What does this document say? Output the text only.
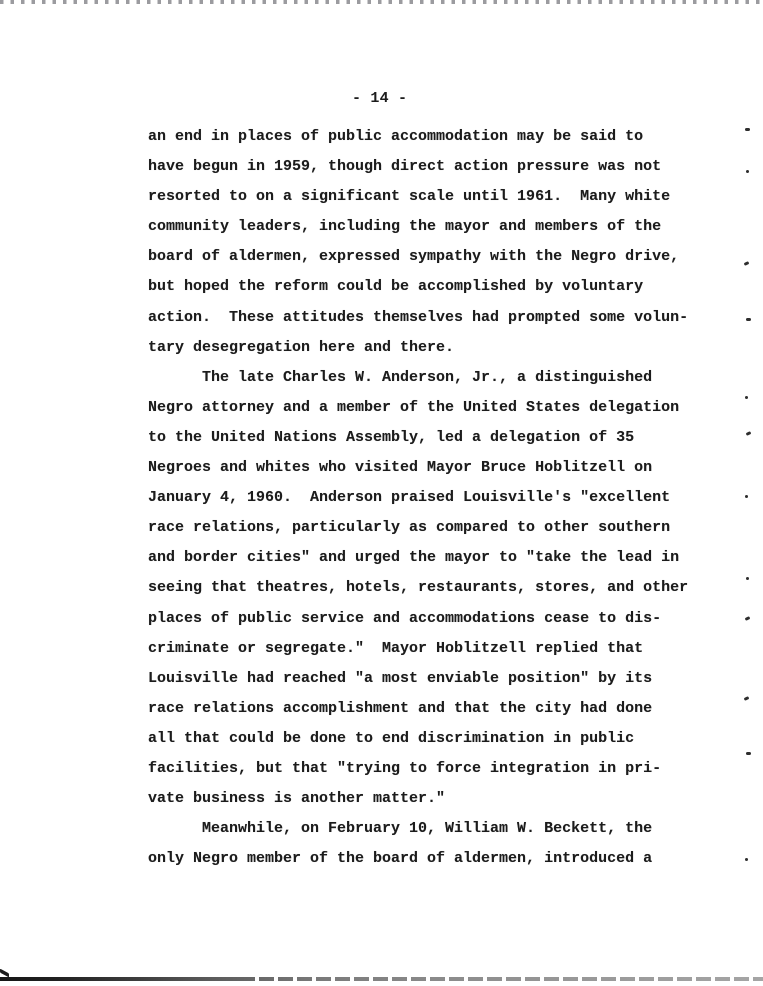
- 14 -
an end in places of public accommodation may be said to
have begun in 1959, though direct action pressure was not
resorted to on a significant scale until 1961.  Many white
community leaders, including the mayor and members of the
board of aldermen, expressed sympathy with the Negro drive,
but hoped the reform could be accomplished by voluntary
action.  These attitudes themselves had prompted some volun-
tary desegregation here and there.
The late Charles W. Anderson, Jr., a distinguished
Negro attorney and a member of the United States delegation
to the United Nations Assembly, led a delegation of 35
Negroes and whites who visited Mayor Bruce Hoblitzell on
January 4, 1960.  Anderson praised Louisville's "excellent
race relations, particularly as compared to other southern
and border cities" and urged the mayor to "take the lead in
seeing that theatres, hotels, restaurants, stores, and other
places of public service and accommodations cease to dis-
criminate or segregate."  Mayor Hoblitzell replied that
Louisville had reached "a most enviable position" by its
race relations accomplishment and that the city had done
all that could be done to end discrimination in public
facilities, but that "trying to force integration in pri-
vate business is another matter."
Meanwhile, on February 10, William W. Beckett, the
only Negro member of the board of aldermen, introduced a
